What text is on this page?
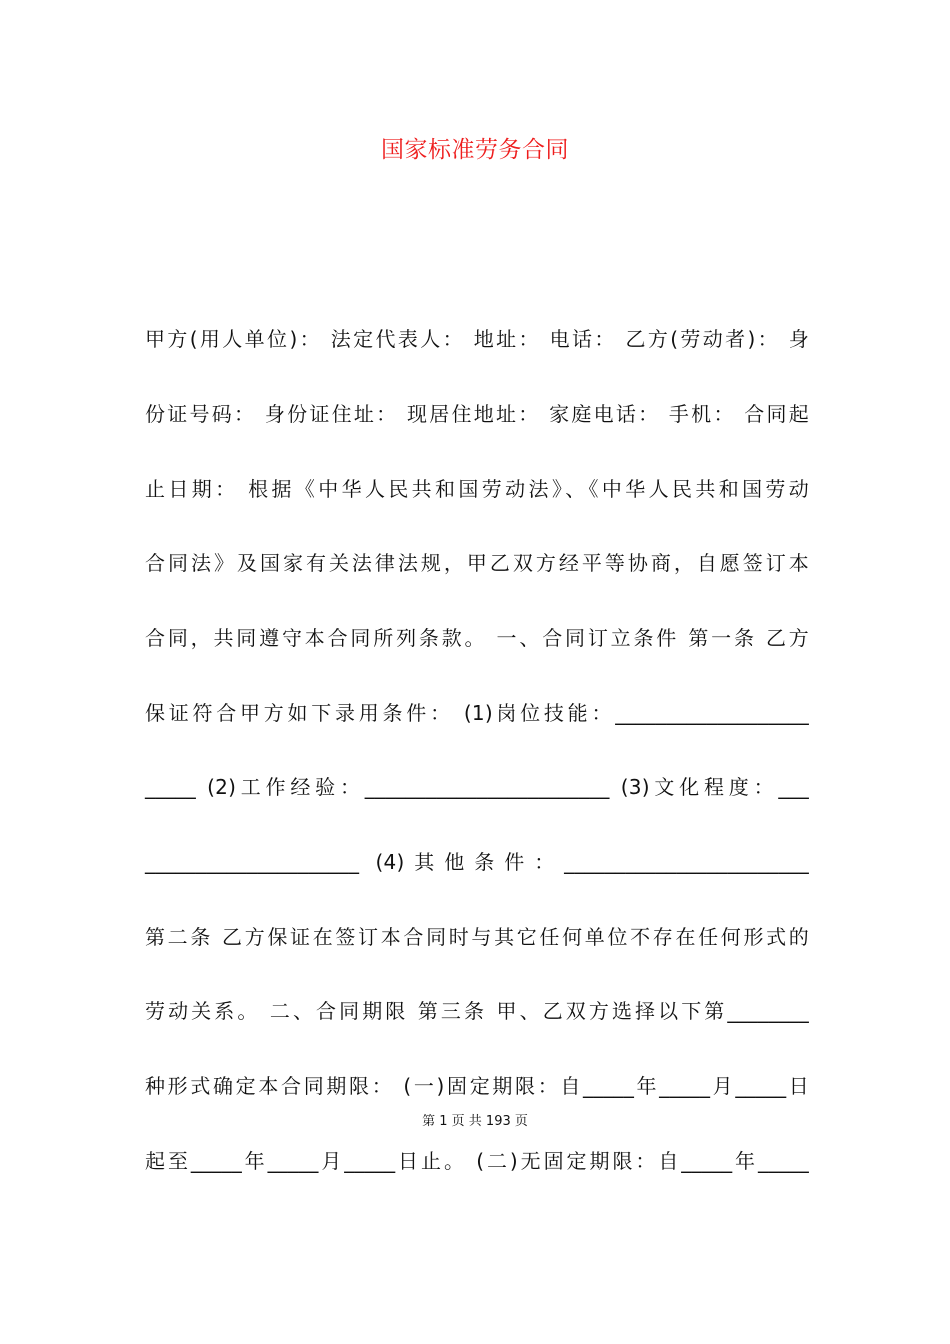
国家标准劳务合同
甲方(用人单位)： 法定代表人： 地址： 电话： 乙方(劳动者)： 身
份证号码： 身份证住址： 现居住地址： 家庭电话： 手机： 合同起
止日期： 根据《中华人民共和国劳动法》、《中华人民共和国劳动
合同法》及国家有关法律法规，甲乙双方经平等协商，自愿签订本
合同，共同遵守本合同所列条款。 一、合同订立条件 第一条 乙方
保证符合甲方如下录用条件： (1)岗位技能：___________________
_____ (2)工作经验：________________________ (3)文化程度：___
_____________________ (4)其他条件：________________________
第二条 乙方保证在签订本合同时与其它任何单位不存在任何形式的
劳动关系。 二、合同期限 第三条 甲、乙双方选择以下第________
种形式确定本合同期限： (一)固定期限：自_____年_____月_____日
第 1 页 共 193 页
起至_____年_____月_____日止。 (二)无固定期限：自_____年_____
